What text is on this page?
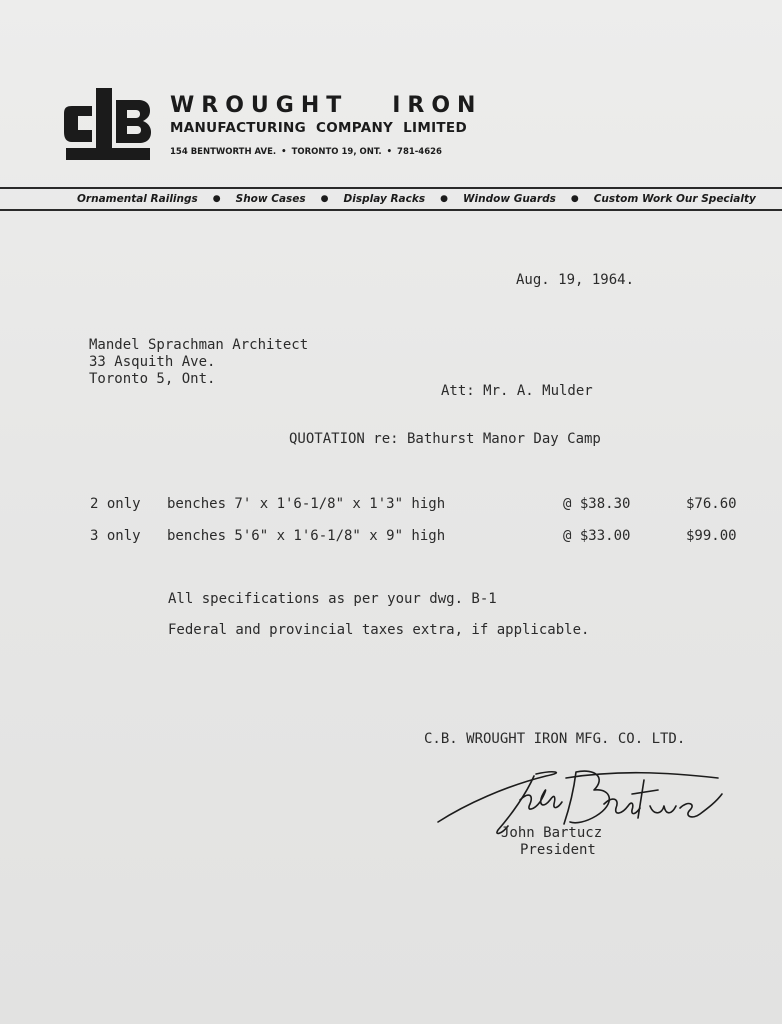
WROUGHT   IRON
MANUFACTURING  COMPANY  LIMITED
154 BENTWORTH AVE. • TORONTO 19, ONT. • 781-4626
Ornamental Railings ● Show Cases ● Display Racks ● Window Guards ● Custom Work Our Specialty
Aug. 19, 1964.
Mandel Sprachman Architect
33 Asquith Ave.
Toronto 5, Ont.
Att: Mr. A. Mulder
QUOTATION re: Bathurst Manor Day Camp
2 only benches 7' x 1'6-1/8" x 1'3" high	@ $38.30	$76.60
3 only benches 5'6" x 1'6-1/8" x 9" high	@ $33.00	$99.00
All specifications as per your dwg. B-1
Federal and provincial taxes extra, if applicable.
C.B. WROUGHT IRON MFG. CO. LTD.
John Bartucz
President
